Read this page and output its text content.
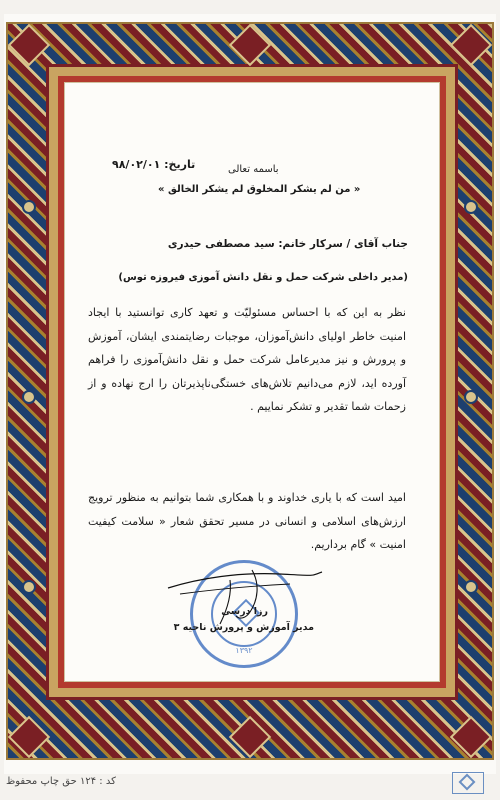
تاریخ: ۹۸/۰۲/۰۱	باسمه تعالی
« من لم یشکر المخلوق لم یشکر الخالق »
جناب آقای / سرکار خانم: سید مصطفی حیدری
(مدیر داخلی شرکت حمل و نقل دانش آموزی فیروزه توس)
نظر به این که با احساس مسئولیّت و تعهد کاری توانستید با ایجاد امنیت خاطر اولیای دانش‌آموزان، موجبات رضایتمندی ایشان، آموزش و پرورش و نیز مدیرعامل شرکت حمل و نقل دانش‌آموزی را فراهم آورده اید، لازم می‌دانیم تلاش‌های خستگی‌ناپذیرتان را ارج نهاده و از زحمات شما تقدیر و تشکر نماییم .
امید است که با یاری خداوند و با همکاری شما بتوانیم به منظور ترویج ارزش‌های اسلامی و انسانی در مسیر تحقق شعار « سلامت کیفیت امنیت » گام برداریم.
۱۳۹۲
رزا درسی
مدیر آموزش و پرورش ناحیه ۳
کد : ۱۲۴ حق چاپ محفوظ
